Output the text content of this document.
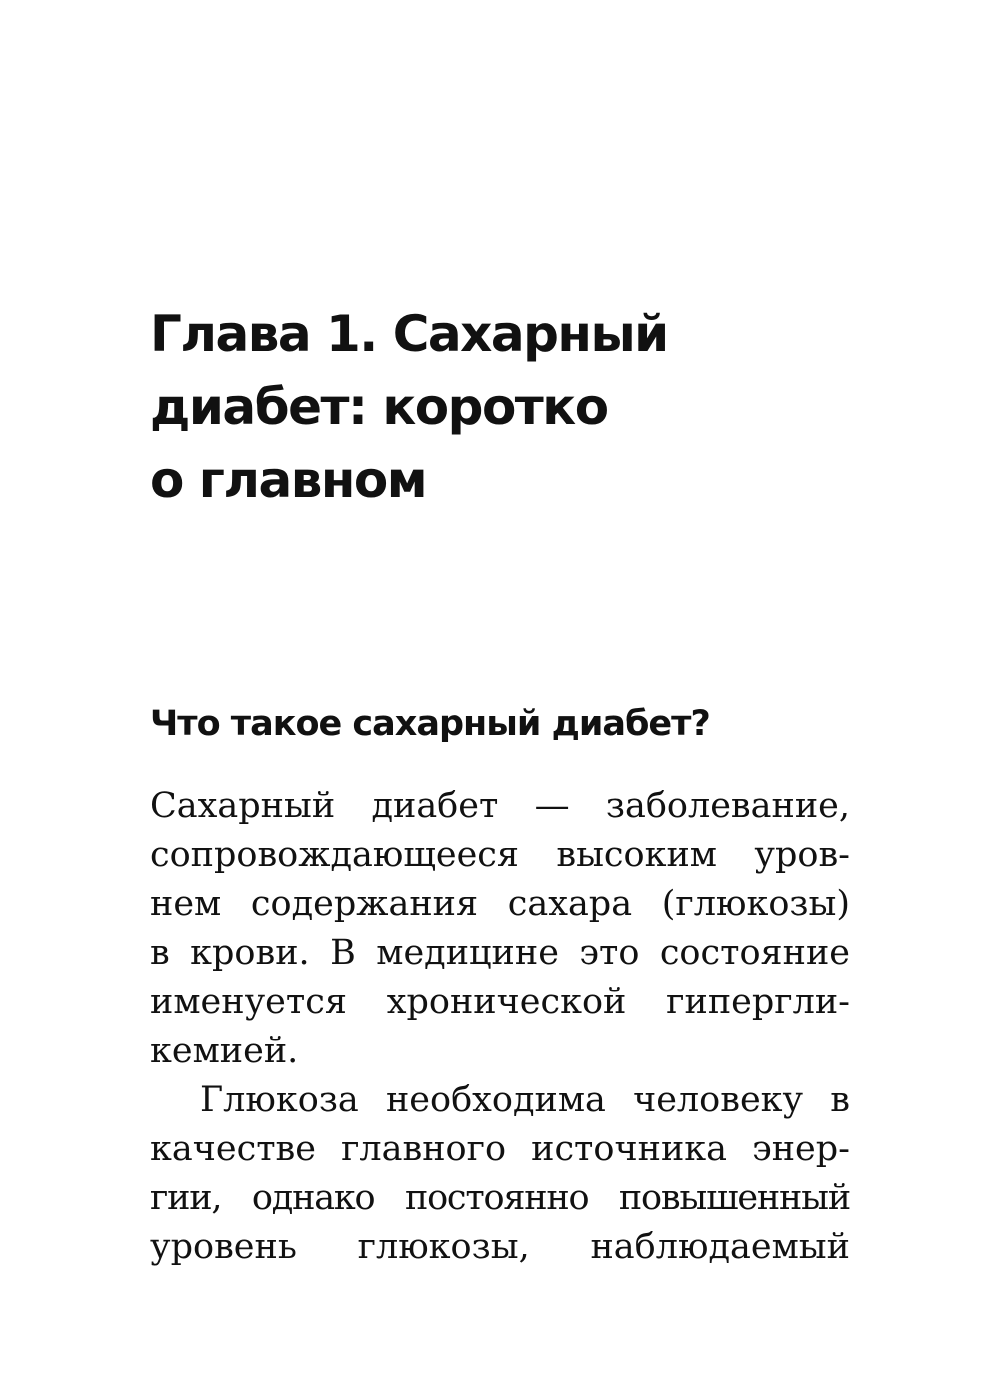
Глава 1. Сахарный
диабет: коротко
о главном
Что такое сахарный диабет?
Сахарный диабет — заболевание,
сопровождающееся высоким уров-
нем содержания сахара (глюкозы)
в крови. В медицине это состояние
именуется хронической гипергли-
кемией.
Глюкоза необходима человеку в
качестве главного источника энер-
гии, однако постоянно повышенный
уровень глюкозы, наблюдаемый
